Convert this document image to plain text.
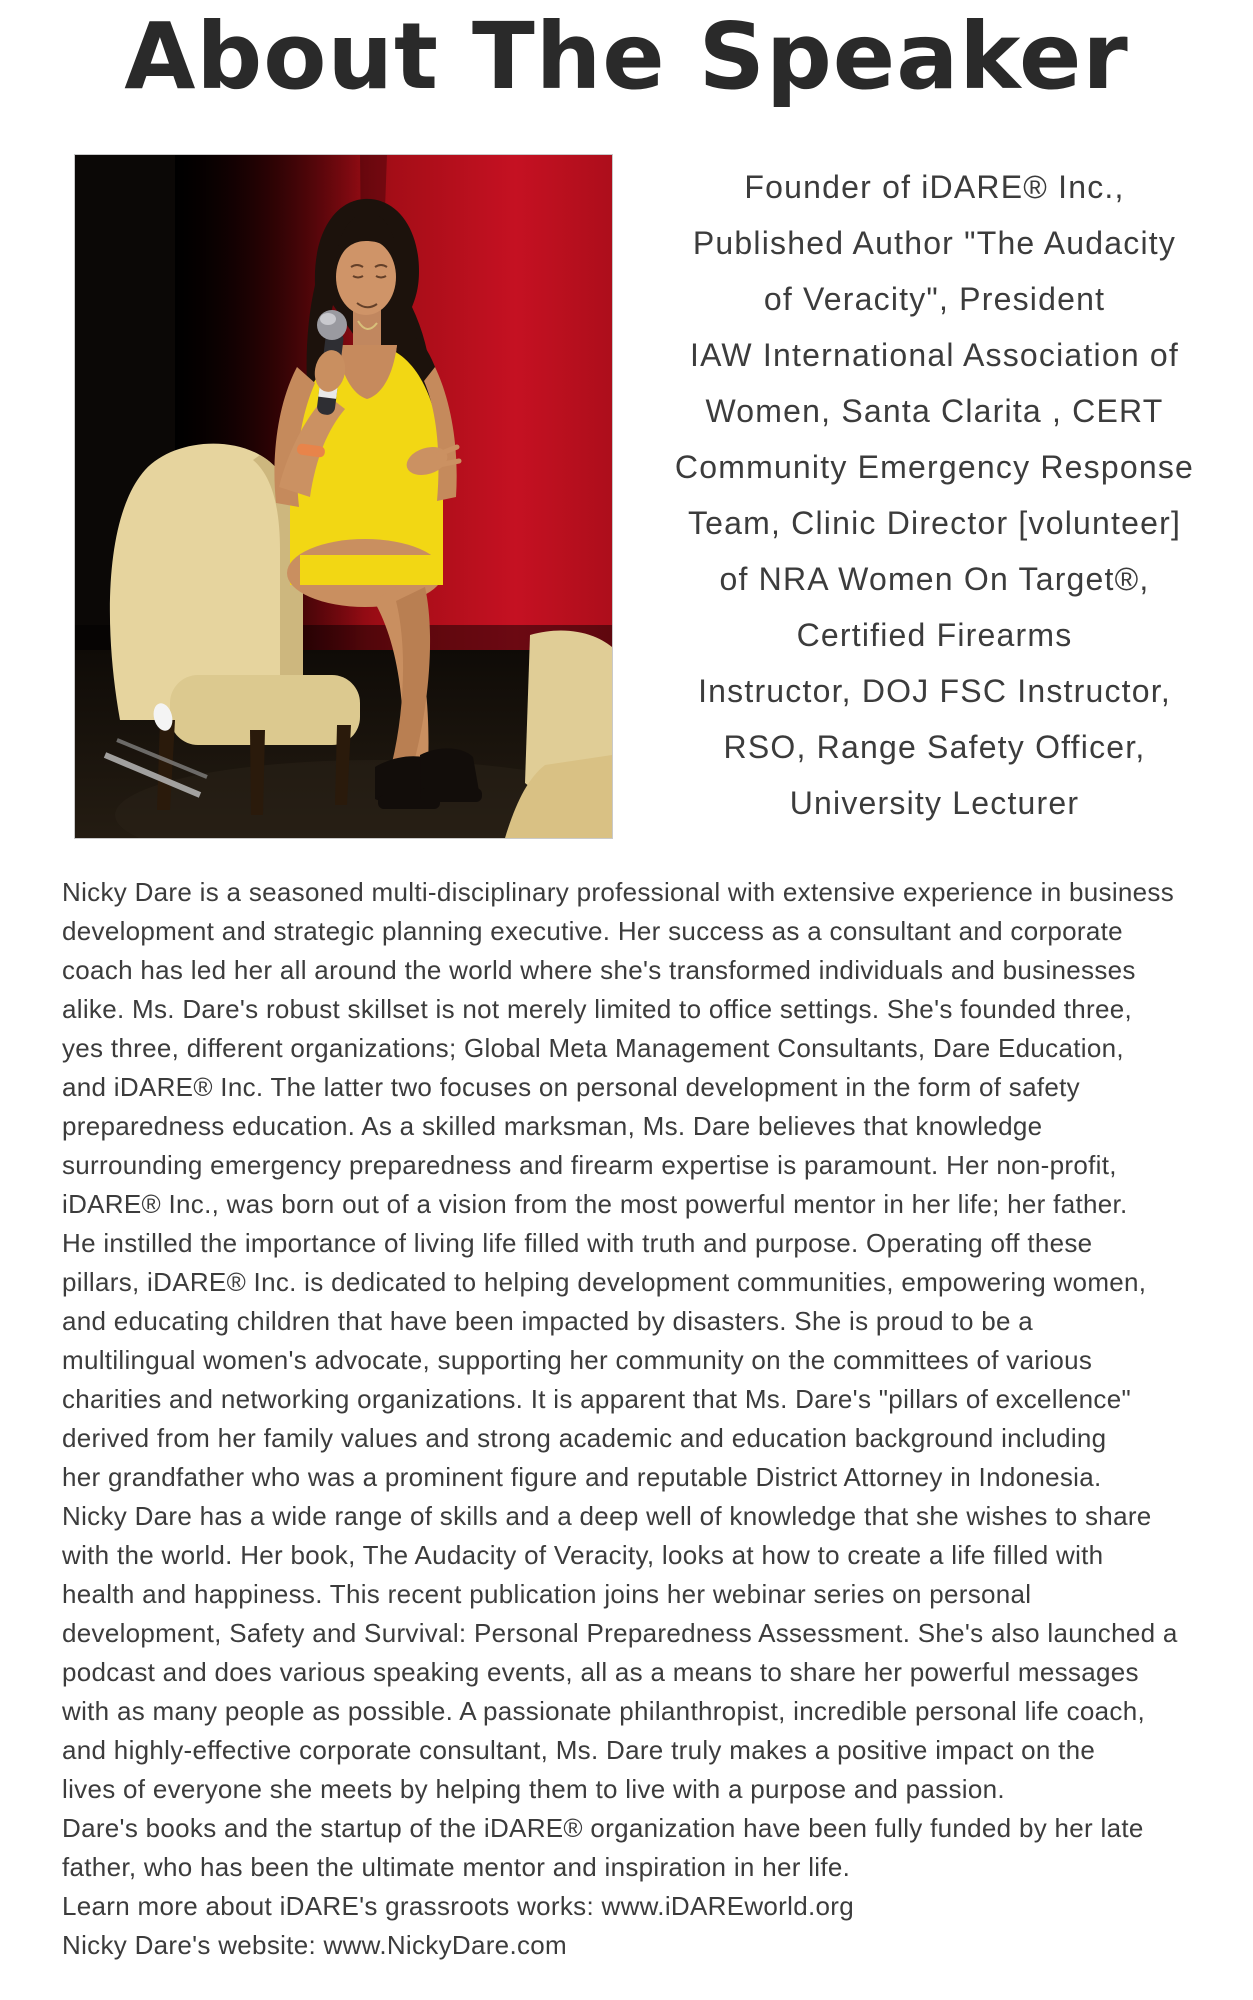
About The Speaker
Founder of iDARE® Inc.,
Published Author "The Audacity
of Veracity", President
IAW International Association of
Women, Santa Clarita , CERT
Community Emergency Response
Team, Clinic Director [volunteer]
of NRA Women On Target®,
Certified Firearms
Instructor, DOJ FSC Instructor,
RSO, Range Safety Officer,
University Lecturer
Nicky Dare is a seasoned multi-disciplinary professional with extensive experience in business
development and strategic planning executive. Her success as a consultant and corporate
coach has led her all around the world where she's transformed individuals and businesses
alike. Ms. Dare's robust skillset is not merely limited to office settings. She's founded three,
yes three, different organizations; Global Meta Management Consultants, Dare Education,
and iDARE® Inc. The latter two focuses on personal development in the form of safety
preparedness education. As a skilled marksman, Ms. Dare believes that knowledge
surrounding emergency preparedness and firearm expertise is paramount. Her non-profit,
iDARE® Inc., was born out of a vision from the most powerful mentor in her life; her father.
He instilled the importance of living life filled with truth and purpose. Operating off these
pillars, iDARE® Inc. is dedicated to helping development communities, empowering women,
and educating children that have been impacted by disasters. She is proud to be a
multilingual women's advocate, supporting her community on the committees of various
charities and networking organizations. It is apparent that Ms. Dare's "pillars of excellence"
derived from her family values and strong academic and education background including
her grandfather who was a prominent figure and reputable District Attorney in Indonesia.
Nicky Dare has a wide range of skills and a deep well of knowledge that she wishes to share
with the world. Her book, The Audacity of Veracity, looks at how to create a life filled with
health and happiness. This recent publication joins her webinar series on personal
development, Safety and Survival: Personal Preparedness Assessment. She's also launched a
podcast and does various speaking events, all as a means to share her powerful messages
with as many people as possible. A passionate philanthropist, incredible personal life coach,
and highly-effective corporate consultant, Ms. Dare truly makes a positive impact on the
lives of everyone she meets by helping them to live with a purpose and passion.
Dare's books and the startup of the iDARE® organization have been fully funded by her late
father, who has been the ultimate mentor and inspiration in her life.
Learn more about iDARE's grassroots works: www.iDAREworld.org
Nicky Dare's website: www.NickyDare.com
